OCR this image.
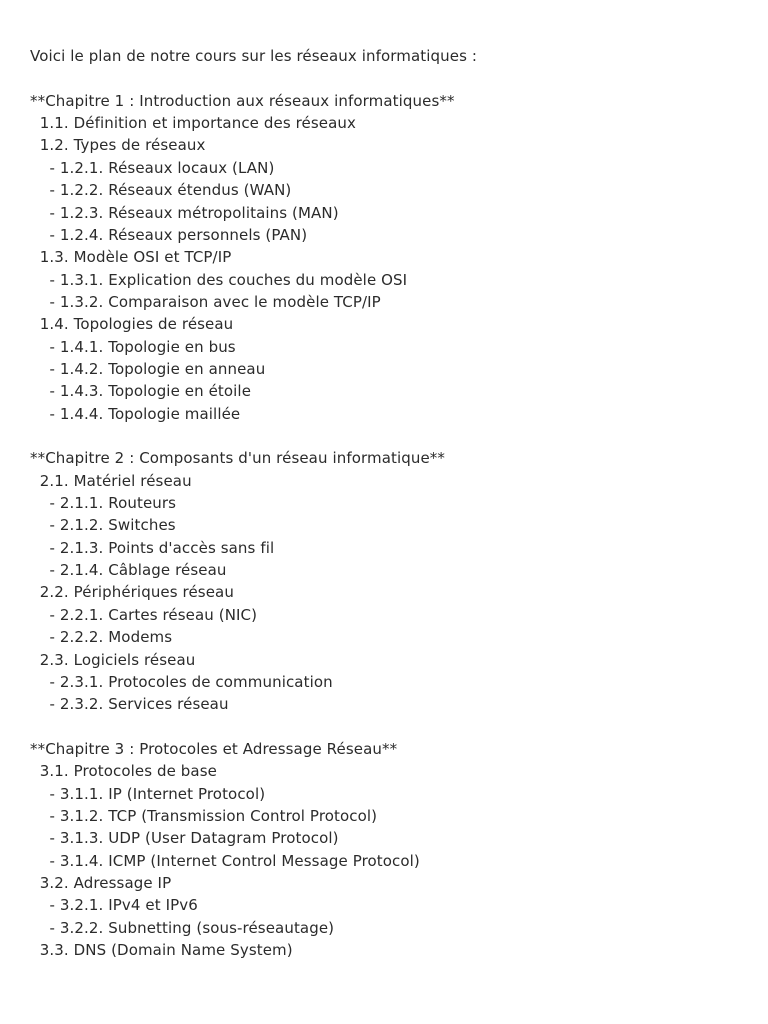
Voici le plan de notre cours sur les réseaux informatiques :
**Chapitre 1 : Introduction aux réseaux informatiques**
1.1. Définition et importance des réseaux
1.2. Types de réseaux
- 1.2.1. Réseaux locaux (LAN)
- 1.2.2. Réseaux étendus (WAN)
- 1.2.3. Réseaux métropolitains (MAN)
- 1.2.4. Réseaux personnels (PAN)
1.3. Modèle OSI et TCP/IP
- 1.3.1. Explication des couches du modèle OSI
- 1.3.2. Comparaison avec le modèle TCP/IP
1.4. Topologies de réseau
- 1.4.1. Topologie en bus
- 1.4.2. Topologie en anneau
- 1.4.3. Topologie en étoile
- 1.4.4. Topologie maillée
**Chapitre 2 : Composants d'un réseau informatique**
2.1. Matériel réseau
- 2.1.1. Routeurs
- 2.1.2. Switches
- 2.1.3. Points d'accès sans fil
- 2.1.4. Câblage réseau
2.2. Périphériques réseau
- 2.2.1. Cartes réseau (NIC)
- 2.2.2. Modems
2.3. Logiciels réseau
- 2.3.1. Protocoles de communication
- 2.3.2. Services réseau
**Chapitre 3 : Protocoles et Adressage Réseau**
3.1. Protocoles de base
- 3.1.1. IP (Internet Protocol)
- 3.1.2. TCP (Transmission Control Protocol)
- 3.1.3. UDP (User Datagram Protocol)
- 3.1.4. ICMP (Internet Control Message Protocol)
3.2. Adressage IP
- 3.2.1. IPv4 et IPv6
- 3.2.2. Subnetting (sous-réseautage)
3.3. DNS (Domain Name System)
